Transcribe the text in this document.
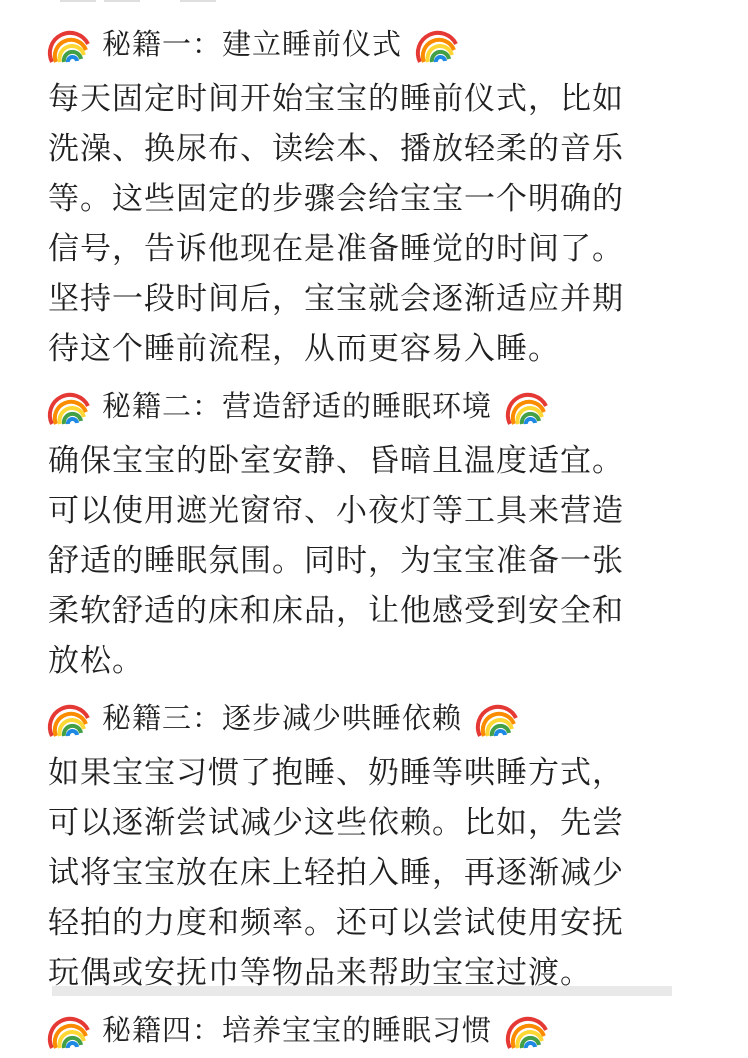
秘籍一：建立睡前仪式
每天固定时间开始宝宝的睡前仪式，比如
洗澡、换尿布、读绘本、播放轻柔的音乐
等。这些固定的步骤会给宝宝一个明确的
信号，告诉他现在是准备睡觉的时间了。
坚持一段时间后，宝宝就会逐渐适应并期
待这个睡前流程，从而更容易入睡。
秘籍二：营造舒适的睡眠环境
确保宝宝的卧室安静、昏暗且温度适宜。
可以使用遮光窗帘、小夜灯等工具来营造
舒适的睡眠氛围。同时，为宝宝准备一张
柔软舒适的床和床品，让他感受到安全和
放松。
秘籍三：逐步减少哄睡依赖
如果宝宝习惯了抱睡、奶睡等哄睡方式，
可以逐渐尝试减少这些依赖。比如，先尝
试将宝宝放在床上轻拍入睡，再逐渐减少
轻拍的力度和频率。还可以尝试使用安抚
玩偶或安抚巾等物品来帮助宝宝过渡。
秘籍四：培养宝宝的睡眠习惯
